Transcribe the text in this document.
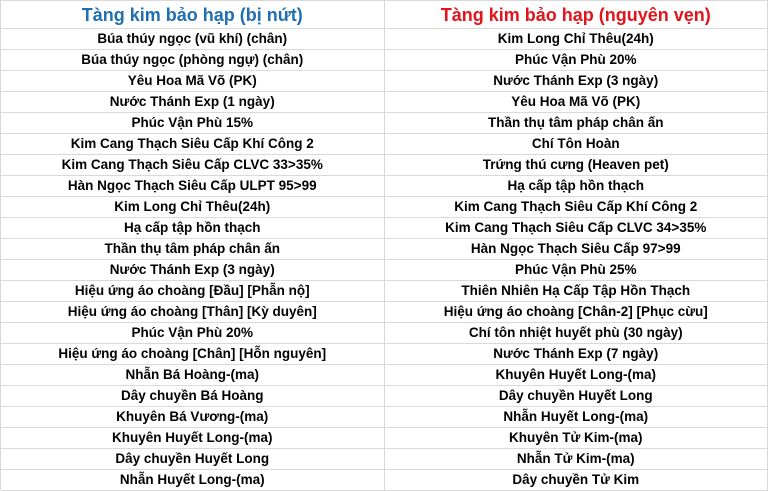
Tàng kim bảo hạp (bị nứt)	Tàng kim bảo hạp (nguyên vẹn)
Búa thúy ngọc (vũ khí) (chân)	Kim Long Chỉ Thêu(24h)
Búa thúy ngọc (phòng ngự) (chân)	Phúc Vận Phù 20%
Yêu Hoa Mã Võ (PK)	Nước Thánh Exp (3 ngày)
Nước Thánh Exp (1 ngày)	Yêu Hoa Mã Võ (PK)
Phúc Vận Phù 15%	Thần thụ tâm pháp chân ấn
Kim Cang Thạch Siêu Cấp Khí Công 2	Chí Tôn Hoàn
Kim Cang Thạch Siêu Cấp CLVC 33>35%	Trứng thú cưng (Heaven pet)
Hàn Ngọc Thạch Siêu Cấp ULPT 95>99	Hạ cấp tập hồn thạch
Kim Long Chỉ Thêu(24h)	Kim Cang Thạch Siêu Cấp Khí Công 2
Hạ cấp tập hồn thạch	Kim Cang Thạch Siêu Cấp CLVC 34>35%
Thần thụ tâm pháp chân ấn	Hàn Ngọc Thạch Siêu Cấp 97>99
Nước Thánh Exp (3 ngày)	Phúc Vận Phù 25%
Hiệu ứng áo choàng [Đầu] [Phẫn nộ]	Thiên Nhiên Hạ Cấp Tập Hồn Thạch
Hiệu ứng áo choàng [Thân] [Kỳ duyên]	Hiệu ứng áo choàng [Chân-2] [Phục cừu]
Phúc Vận Phù 20%	Chí tôn nhiệt huyết phù (30 ngày)
Hiệu ứng áo choàng [Chân] [Hỗn nguyên]	Nước Thánh Exp (7 ngày)
Nhẫn Bá Hoàng-(ma)	Khuyên Huyết Long-(ma)
Dây chuyền Bá Hoàng	Dây chuyền Huyết Long
Khuyên Bá Vương-(ma)	Nhẫn Huyết Long-(ma)
Khuyên Huyết Long-(ma)	Khuyên Tử Kim-(ma)
Dây chuyền Huyết Long	Nhẫn Tử Kim-(ma)
Nhẫn Huyết Long-(ma)	Dây chuyền Tử Kim
